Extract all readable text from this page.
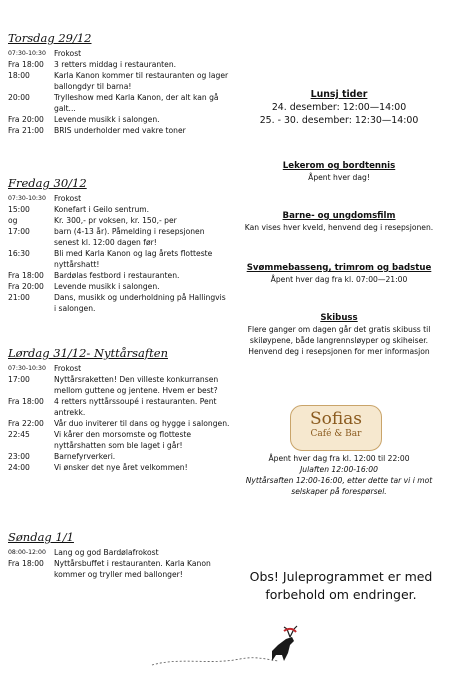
Torsdag 29/12
07:30-10:30	Frokost
Fra 18:00	3 retters middag i restauranten.
18:00	Karla Kanon kommer til restauranten og lager ballongdyr til barna!
20:00	Trylleshow med Karla Kanon, der alt kan gå galt...
Fra 20:00	Levende musikk i salongen.
Fra 21:00	BRIS underholder med vakre toner
Fredag 30/12
07:30-10:30	Frokost
15:00	Konefart i Geilo sentrum.
og	Kr. 300,- pr voksen, kr. 150,- per
17:00	barn (4-13 år). Påmelding i resepsjonen senest kl. 12:00 dagen før!
16:30	Bli med Karla Kanon og lag årets flotteste nyttårshatt!
Fra 18:00	Bardølas festbord i restauranten.
Fra 20:00	Levende musikk i salongen.
21:00	Dans, musikk og underholdning på Hallingvis i salongen.
Lørdag 31/12- Nyttårsaften
07:30-10:30	Frokost
17:00	Nyttårsraketten! Den villeste konkurransen mellom guttene og jentene. Hvem er best?
Fra 18:00	4 retters nyttårssoupé i restauranten. Pent antrekk.
Fra 22:00	Vår duo inviterer til dans og hygge i salongen.
22:45	Vi kårer den morsomste og flotteste nyttårshatten som ble laget i går!
23:00	Barnefyrverkeri.
24:00	Vi ønsker det nye året velkommen!
Søndag 1/1
08:00-12:00	Lang og god Bardølafrokost
Fra 18:00	Nyttårsbuffet i restauranten. Karla Kanon kommer og tryller med ballonger!
Lunsj tider
24. desember: 12:00—14:00
25. - 30. desember: 12:30—14:00
Lekerom og bordtennis
Åpent hver dag!
Barne- og ungdomsfilm
Kan vises hver kveld, henvend deg i resepsjonen.
Svømmebasseng, trimrom og badstue
Åpent hver dag fra kl. 07:00—21:00
Skibuss
Flere ganger om dagen går det gratis skibuss til
skiløypene, både langrennsløyper og skiheiser.
Henvend deg i resepsjonen for mer informasjon
Sofias
Café & Bar
Åpent hver dag fra kl. 12:00 til 22:00
Julaften 12:00-16:00
Nyttårsaften 12:00-16:00, etter dette tar vi i mot
selskaper på forespørsel.
Obs! Juleprogrammet er med
forbehold om endringer.
